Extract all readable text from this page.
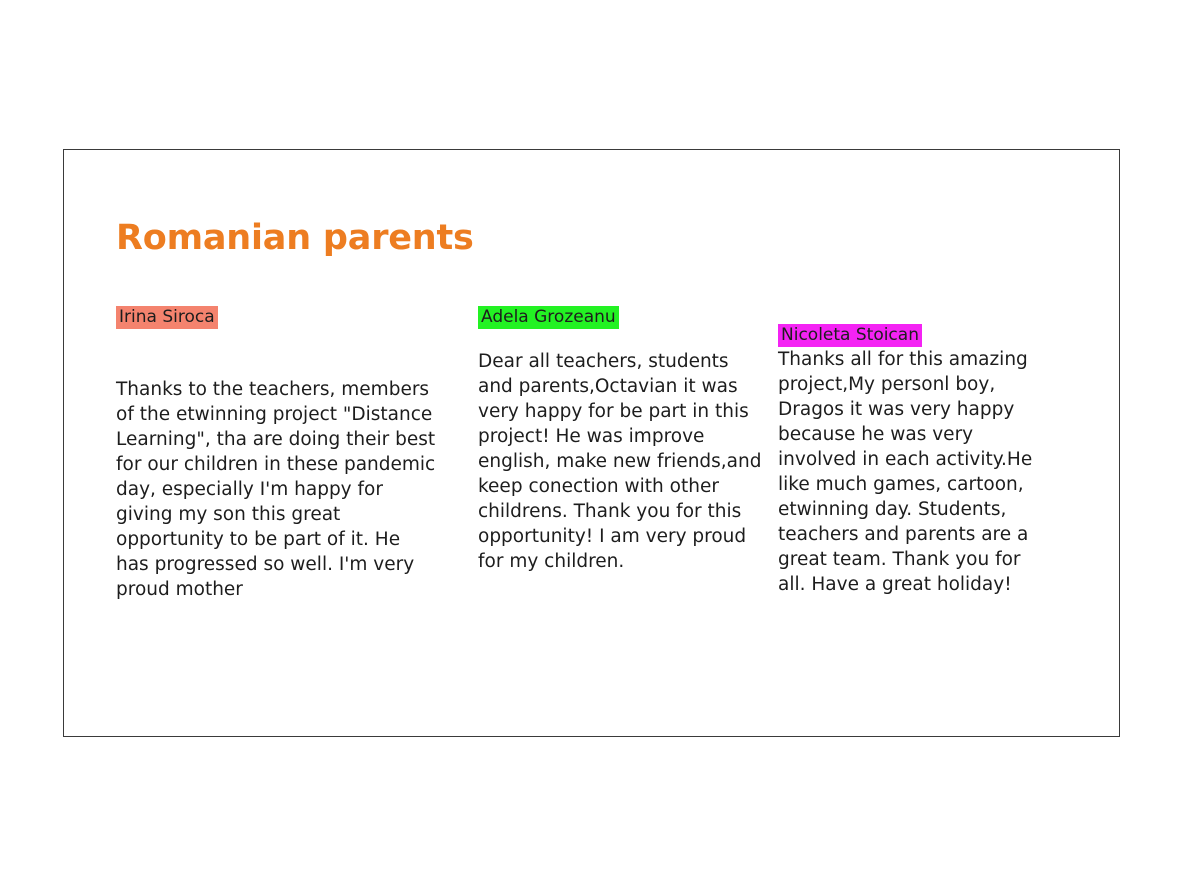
Romanian parents

Irina Siroca

Thanks to the teachers, members of the etwinning project "Distance Learning", tha are doing their best for our children in these pandemic day, especially I'm happy for giving my son this great opportunity to be part of it. He has progressed so well. I'm very proud mother

Adela Grozeanu

Dear all teachers, students and parents,Octavian it was very happy for be part in this project! He was improve english, make new friends,and keep conection with other childrens. Thank you for this opportunity! I am very proud for my children.

Nicoleta Stoican

Thanks all for this amazing project,My personl boy, Dragos it was very happy because he was very involved in each activity.He like much games, cartoon, etwinning day. Students, teachers and parents are a great team. Thank you for all. Have a great holiday!
